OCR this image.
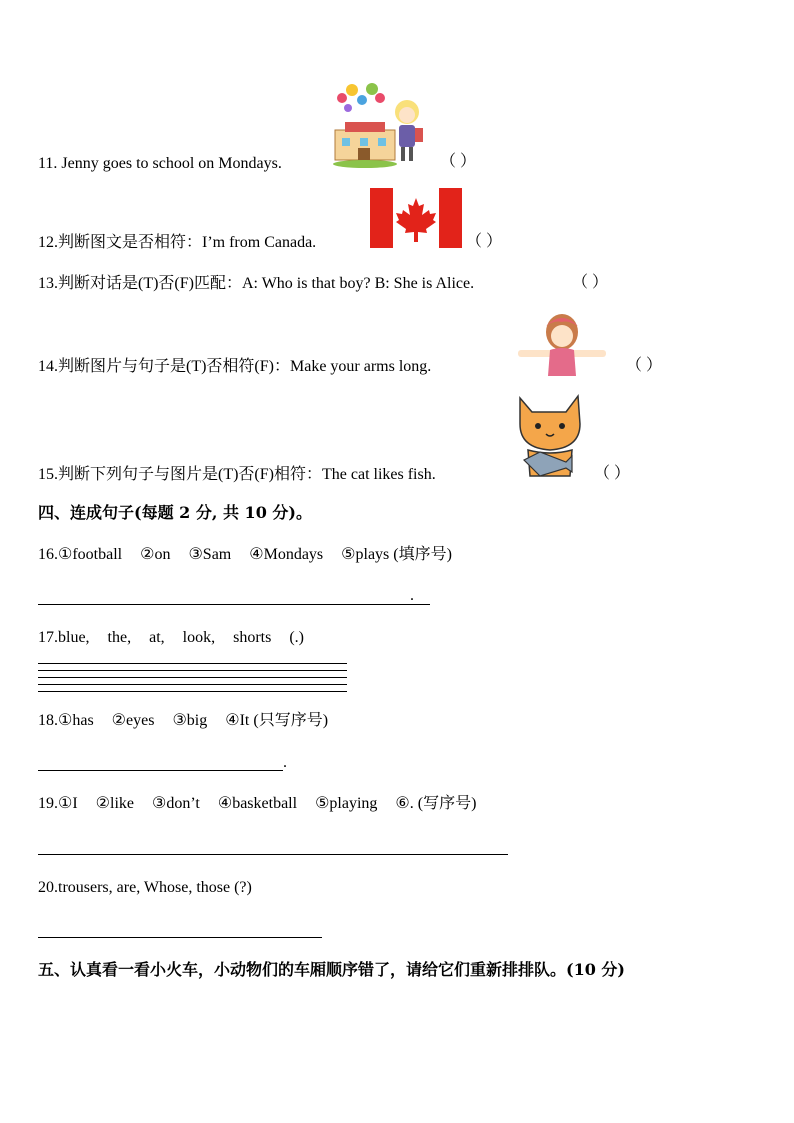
11. Jenny goes to school on Mondays.	（ ）
12.判断图文是否相符：I’m from Canada.	（ ）
13.判断对话是(T)否(F)匹配：A: Who is that boy? B: She is Alice.	（ ）
14.判断图片与句子是(T)否相符(F)：Make your arms long.	（ ）
15.判断下列句子与图片是(T)否(F)相符：The cat likes fish.	（ ）
四、连成句子(每题 2 分, 共 10 分)。
16.①football ②on ③Sam ④Mondays ⑤plays (填序号)
.
17.blue, the, at, look, shorts (.)
18.①has ②eyes ③big ④It (只写序号)
.
19.①I ②like ③don’t ④basketball ⑤playing ⑥. (写序号)
20.trousers, are, Whose, those (?)
五、认真看一看小火车，小动物们的车厢顺序错了，请给它们重新排排队。(10 分)
